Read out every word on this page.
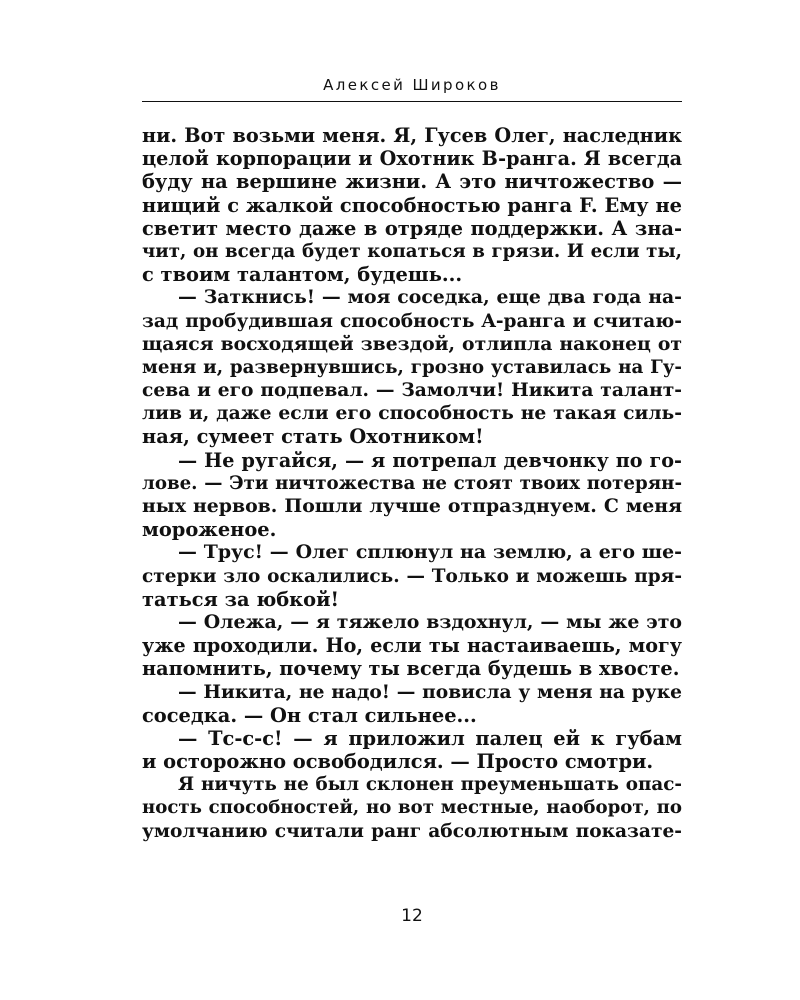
Алексей Широков
ни. Вот возьми меня. Я, Гусев Олег, наследник
целой корпорации и Охотник B-ранга. Я всегда
буду на вершине жизни. А это ничтожество —
нищий с жалкой способностью ранга F. Ему не
светит место даже в отряде поддержки. А зна-
чит, он всегда будет копаться в грязи. И если ты,
с твоим талантом, будешь...
— Заткнись! — моя соседка, еще два года на-
зад пробудившая способность A-ранга и считаю-
щаяся восходящей звездой, отлипла наконец от
меня и, развернувшись, грозно уставилась на Гу-
сева и его подпевал. — Замолчи! Никита талант-
лив и, даже если его способность не такая силь-
ная, сумеет стать Охотником!
— Не ругайся, — я потрепал девчонку по го-
лове. — Эти ничтожества не стоят твоих потерян-
ных нервов. Пошли лучше отпразднуем. С меня
мороженое.
— Трус! — Олег сплюнул на землю, а его ше-
стерки зло оскалились. — Только и можешь пря-
таться за юбкой!
— Олежа, — я тяжело вздохнул, — мы же это
уже проходили. Но, если ты настаиваешь, могу
напомнить, почему ты всегда будешь в хвосте.
— Никита, не надо! — повисла у меня на руке
соседка. — Он стал сильнее...
— Тс-с-с! — я приложил палец ей к губам
и осторожно освободился. — Просто смотри.
Я ничуть не был склонен преуменьшать опас-
ность способностей, но вот местные, наоборот, по
умолчанию считали ранг абсолютным показате-
12
